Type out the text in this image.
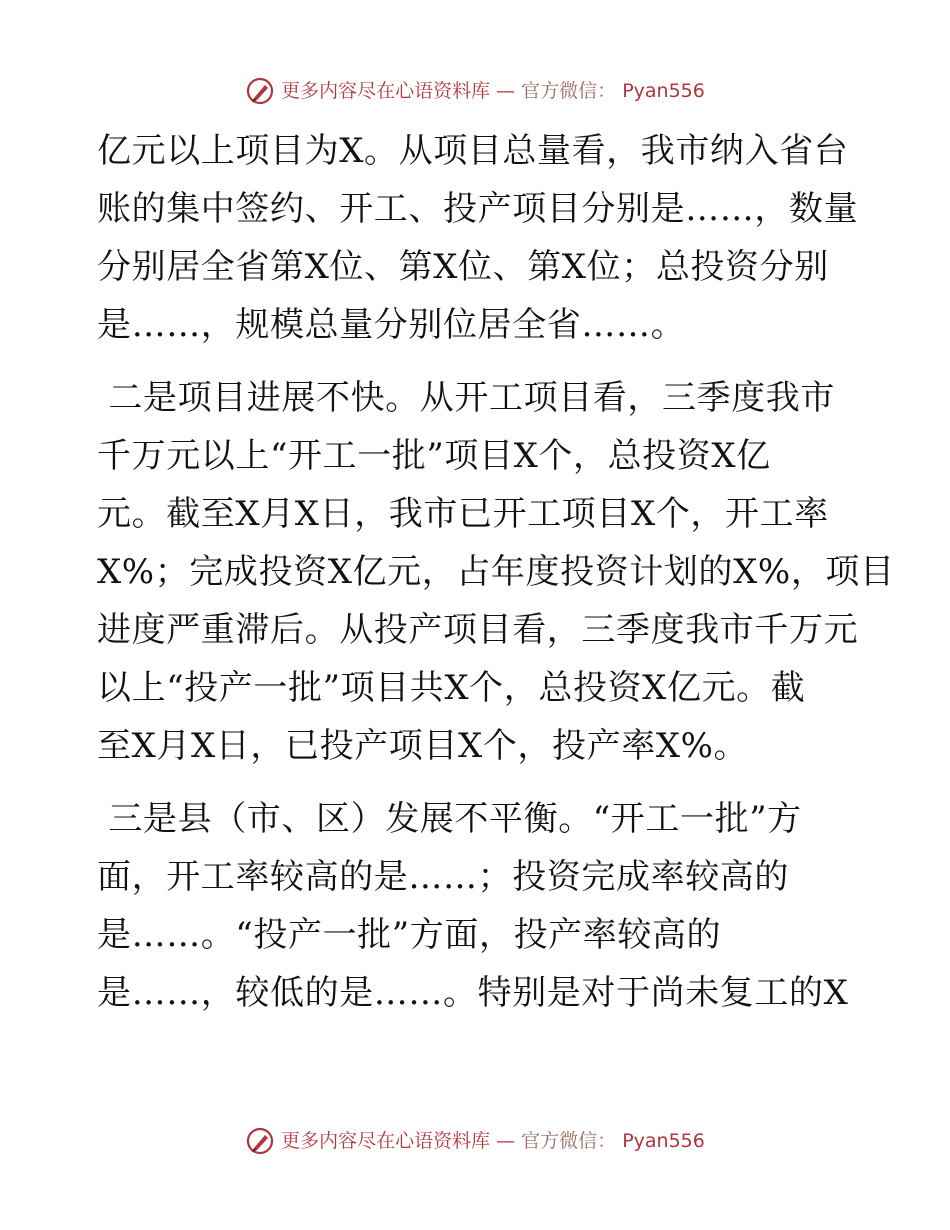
更多内容尽在心语资料库 — 官方微信： Pyan556
亿元以上项目为X。从项目总量看，我市纳入省台
账的集中签约、开工、投产项目分别是……，数量
分别居全省第X位、第X位、第X位；总投资分别
是……，规模总量分别位居全省……。
二是项目进展不快。从开工项目看，三季度我市
千万元以上“开工一批”项目X个，总投资X亿
元。截至X月X日，我市已开工项目X个，开工率
X%；完成投资X亿元，占年度投资计划的X%，项目
进度严重滞后。从投产项目看，三季度我市千万元
以上“投产一批”项目共X个，总投资X亿元。截
至X月X日，已投产项目X个，投产率X%。
三是县（市、区）发展不平衡。“开工一批”方
面，开工率较高的是……；投资完成率较高的
是……。“投产一批”方面，投产率较高的
是……，较低的是……。特别是对于尚未复工的X
更多内容尽在心语资料库 — 官方微信： Pyan556
